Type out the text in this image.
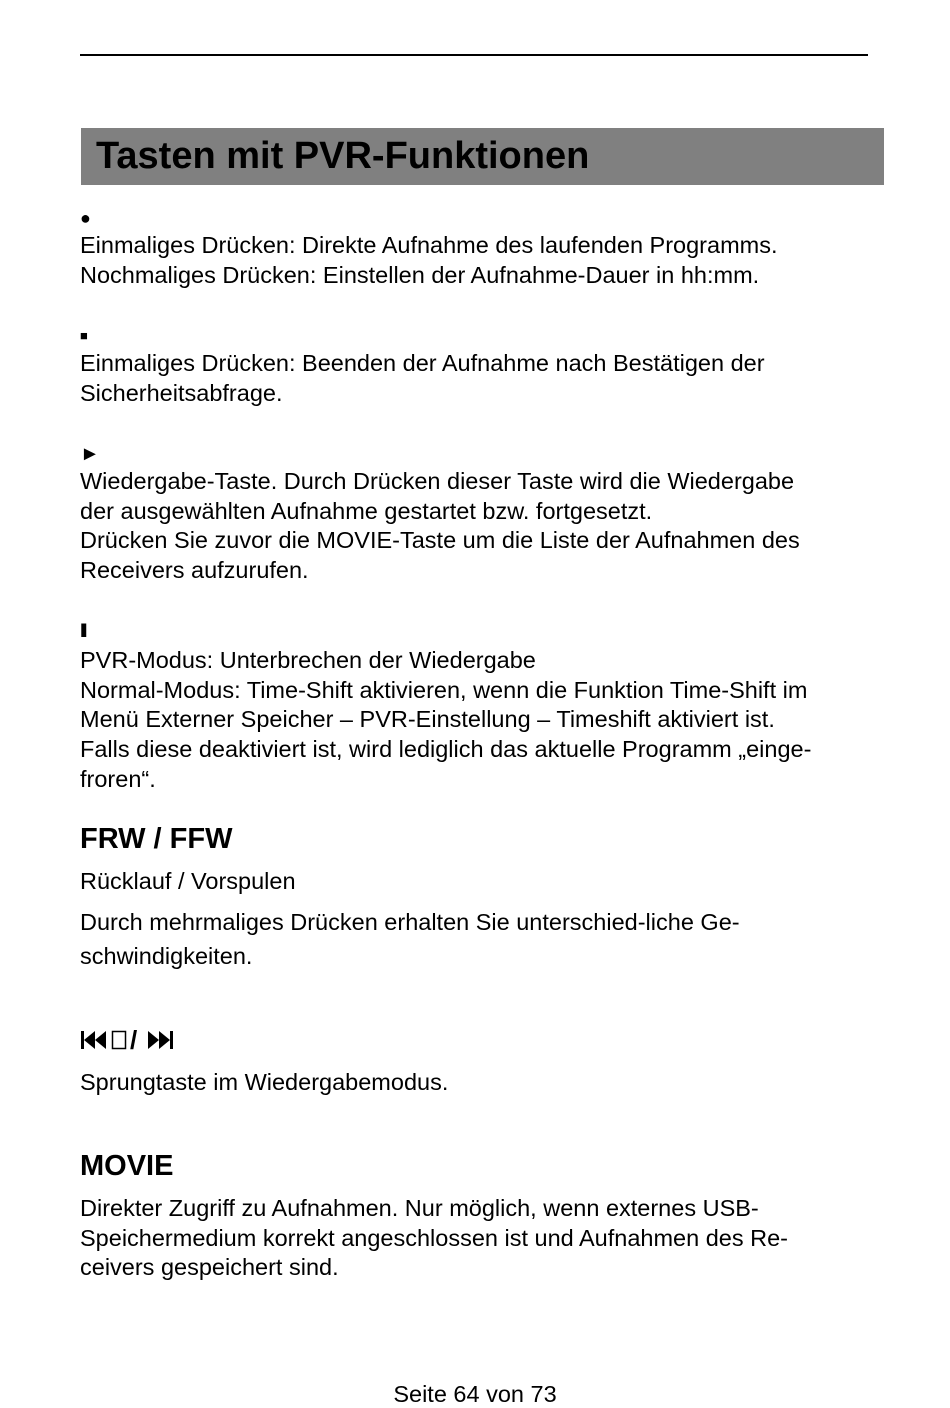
Tasten mit PVR-Funktionen
●
Einmaliges Drücken: Direkte Aufnahme des laufenden Programms.
Nochmaliges Drücken: Einstellen der Aufnahme-Dauer in hh:mm.
■
Einmaliges Drücken: Beenden der Aufnahme nach Bestätigen der
Sicherheitsabfrage.
►
Wiedergabe-Taste. Durch Drücken dieser Taste wird die Wiedergabe
der ausgewählten Aufnahme gestartet bzw. fortgesetzt.
Drücken Sie zuvor die MOVIE-Taste um die Liste der Aufnahmen des
Receivers aufzurufen.
II
PVR-Modus: Unterbrechen der Wiedergabe
Normal-Modus: Time-Shift aktivieren, wenn die Funktion Time-Shift im
Menü Externer Speicher – PVR-Einstellung – Timeshift aktiviert ist.
Falls diese deaktiviert ist, wird lediglich das aktuelle Programm „einge-
froren“.
FRW / FFW
Rücklauf / Vorspulen
Durch mehrmaliges Drücken erhalten Sie unterschied-liche Ge-
schwindigkeiten.
/
Sprungtaste im Wiedergabemodus.
MOVIE
Direkter Zugriff zu Aufnahmen. Nur möglich, wenn externes USB-
Speichermedium korrekt angeschlossen ist und Aufnahmen des Re-
ceivers gespeichert sind.
Seite 64 von 73
